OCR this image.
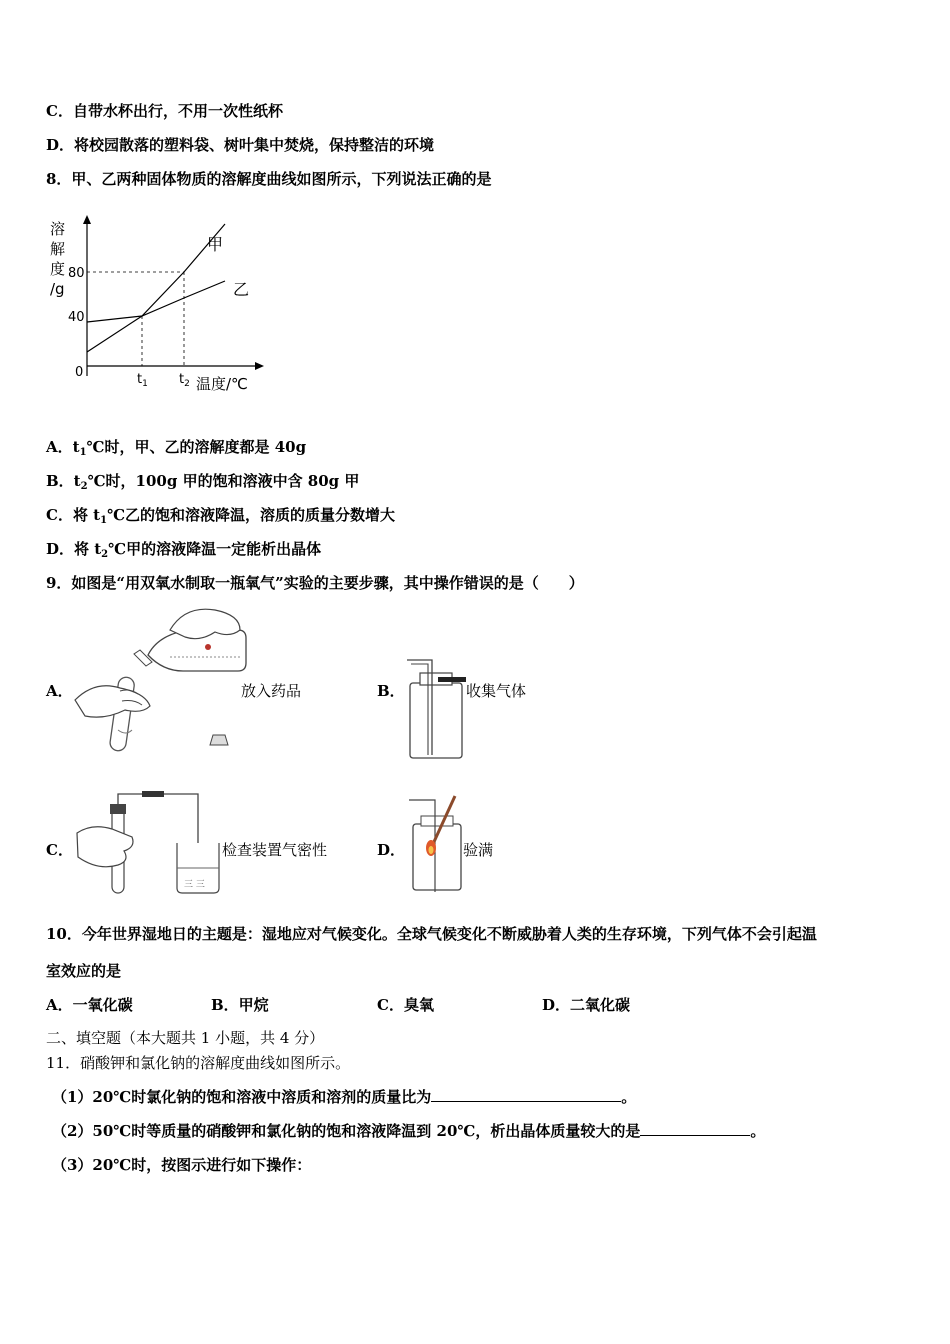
C．自带水杯出行，不用一次性纸杯
D．将校园散落的塑料袋、树叶集中焚烧，保持整洁的环境
8．甲、乙两种固体物质的溶解度曲线如图所示，下列说法正确的是
溶
解
度
/g
80
40
0
甲
乙
$t_1$ $t_2$ 温度/℃
A．$t_1℃$时，甲、乙的溶解度都是 40g
B．$t_2℃$时，100g 甲的饱和溶液中含 80g 甲
C．将 $t_1℃$乙的饱和溶液降温，溶质的质量分数增大
D．将 $t_2℃$甲的溶液降温一定能析出晶体
9．如图是“用双氧水制取一瓶氧气”实验的主要步骤，其中操作错误的是（　　）
A．	放入药品	B．	收集气体
C．
三 三
检查装置气密性	D．	验满
10．今年世界湿地日的主题是：湿地应对气候变化。全球气候变化不断威胁着人类的生存环境，下列气体不会引起温
室效应的是
A．一氧化碳	B．甲烷	C．臭氧	D．二氧化碳
二、填空题（本大题共 1 小题，共 4 分）
11．硝酸钾和氯化钠的溶解度曲线如图所示。
（1）20℃时氯化钠的饱和溶液中溶质和溶剂的质量比为	。
（2）50℃时等质量的硝酸钾和氯化钠的饱和溶液降温到 20℃，析出晶体质量较大的是	。
（3）20℃时，按图示进行如下操作：
